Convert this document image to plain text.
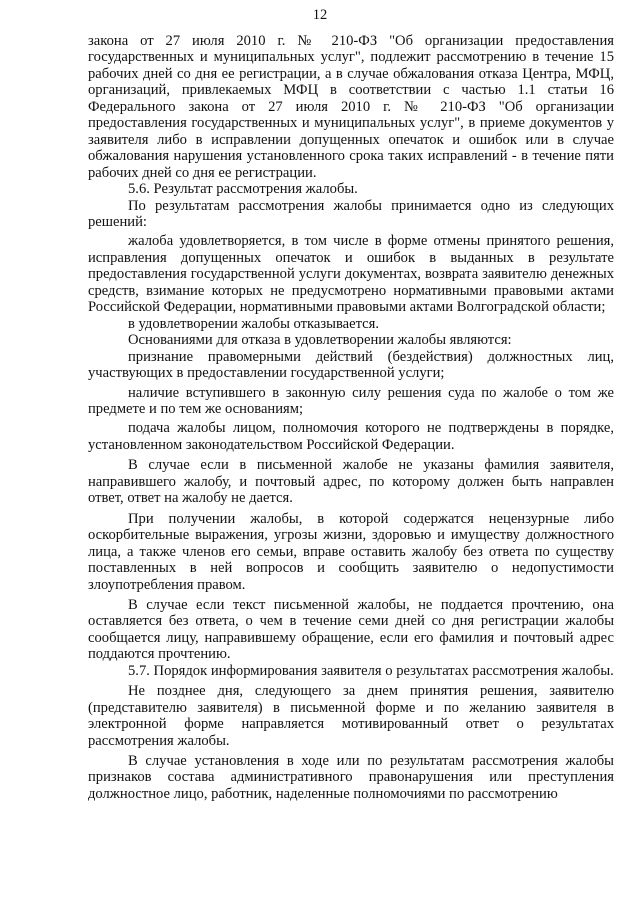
12

закона от 27 июля 2010 г. № 210-ФЗ "Об организации предоставления государственных и муниципальных услуг", подлежит рассмотрению в течение 15 рабочих дней со дня ее регистрации, а в случае обжалования отказа Центра, МФЦ, организаций, привлекаемых МФЦ в соответствии с частью 1.1 статьи 16 Федерального закона от 27 июля 2010 г. № 210-ФЗ "Об организации предоставления государственных и муниципальных услуг", в приеме документов у заявителя либо в исправлении допущенных опечаток и ошибок или в случае обжалования нарушения установленного срока таких исправлений - в течение пяти рабочих дней со дня ее регистрации.

5.6. Результат рассмотрения жалобы.

По результатам рассмотрения жалобы принимается одно из следующих решений:

жалоба удовлетворяется, в том числе в форме отмены принятого решения, исправления допущенных опечаток и ошибок в выданных в результате предоставления государственной услуги документах, возврата заявителю денежных средств, взимание которых не предусмотрено нормативными правовыми актами Российской Федерации, нормативными правовыми актами Волгоградской области;

в удовлетворении жалобы отказывается.

Основаниями для отказа в удовлетворении жалобы являются:

признание правомерными действий (бездействия) должностных лиц, участвующих в предоставлении государственной услуги;

наличие вступившего в законную силу решения суда по жалобе о том же предмете и по тем же основаниям;

подача жалобы лицом, полномочия которого не подтверждены в порядке, установленном законодательством Российской Федерации.

В случае если в письменной жалобе не указаны фамилия заявителя, направившего жалобу, и почтовый адрес, по которому должен быть направлен ответ, ответ на жалобу не дается.

При получении жалобы, в которой содержатся нецензурные либо оскорбительные выражения, угрозы жизни, здоровью и имуществу должностного лица, а также членов его семьи, вправе оставить жалобу без ответа по существу поставленных в ней вопросов и сообщить заявителю о недопустимости злоупотребления правом.

В случае если текст письменной жалобы, не поддается прочтению, она оставляется без ответа, о чем в течение семи дней со дня регистрации жалобы сообщается лицу, направившему обращение, если его фамилия и почтовый адрес поддаются прочтению.

5.7. Порядок информирования заявителя о результатах рассмотрения жалобы.

Не позднее дня, следующего за днем принятия решения, заявителю (представителю заявителя) в письменной форме и по желанию заявителя в электронной форме направляется мотивированный ответ о результатах рассмотрения жалобы.

В случае установления в ходе или по результатам рассмотрения жалобы признаков состава административного правонарушения или преступления должностное лицо, работник, наделенные полномочиями по рассмотрению
